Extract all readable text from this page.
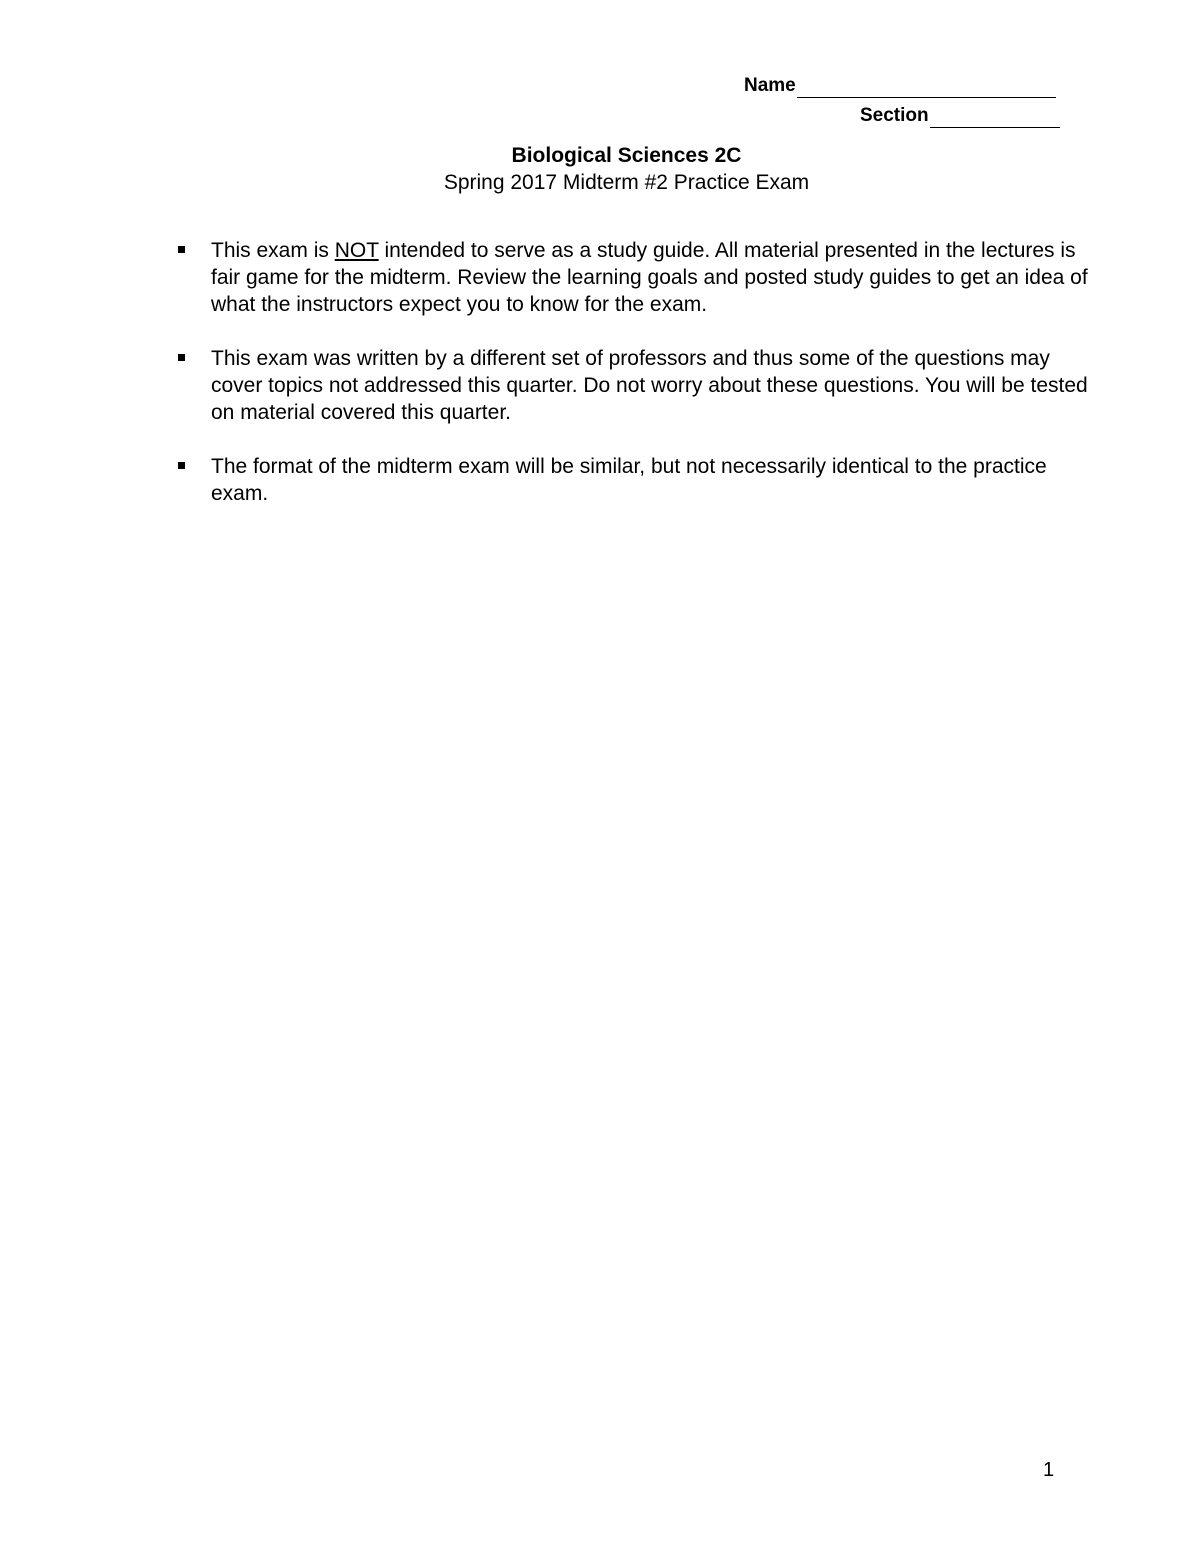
Name
Section
Biological Sciences 2C
Spring 2017 Midterm #2 Practice Exam
This exam is NOT intended to serve as a study guide. All material presented in the lectures is fair game for the midterm. Review the learning goals and posted study guides to get an idea of what the instructors expect you to know for the exam.
This exam was written by a different set of professors and thus some of the questions may cover topics not addressed this quarter. Do not worry about these questions. You will be tested on material covered this quarter.
The format of the midterm exam will be similar, but not necessarily identical to the practice exam.
1
